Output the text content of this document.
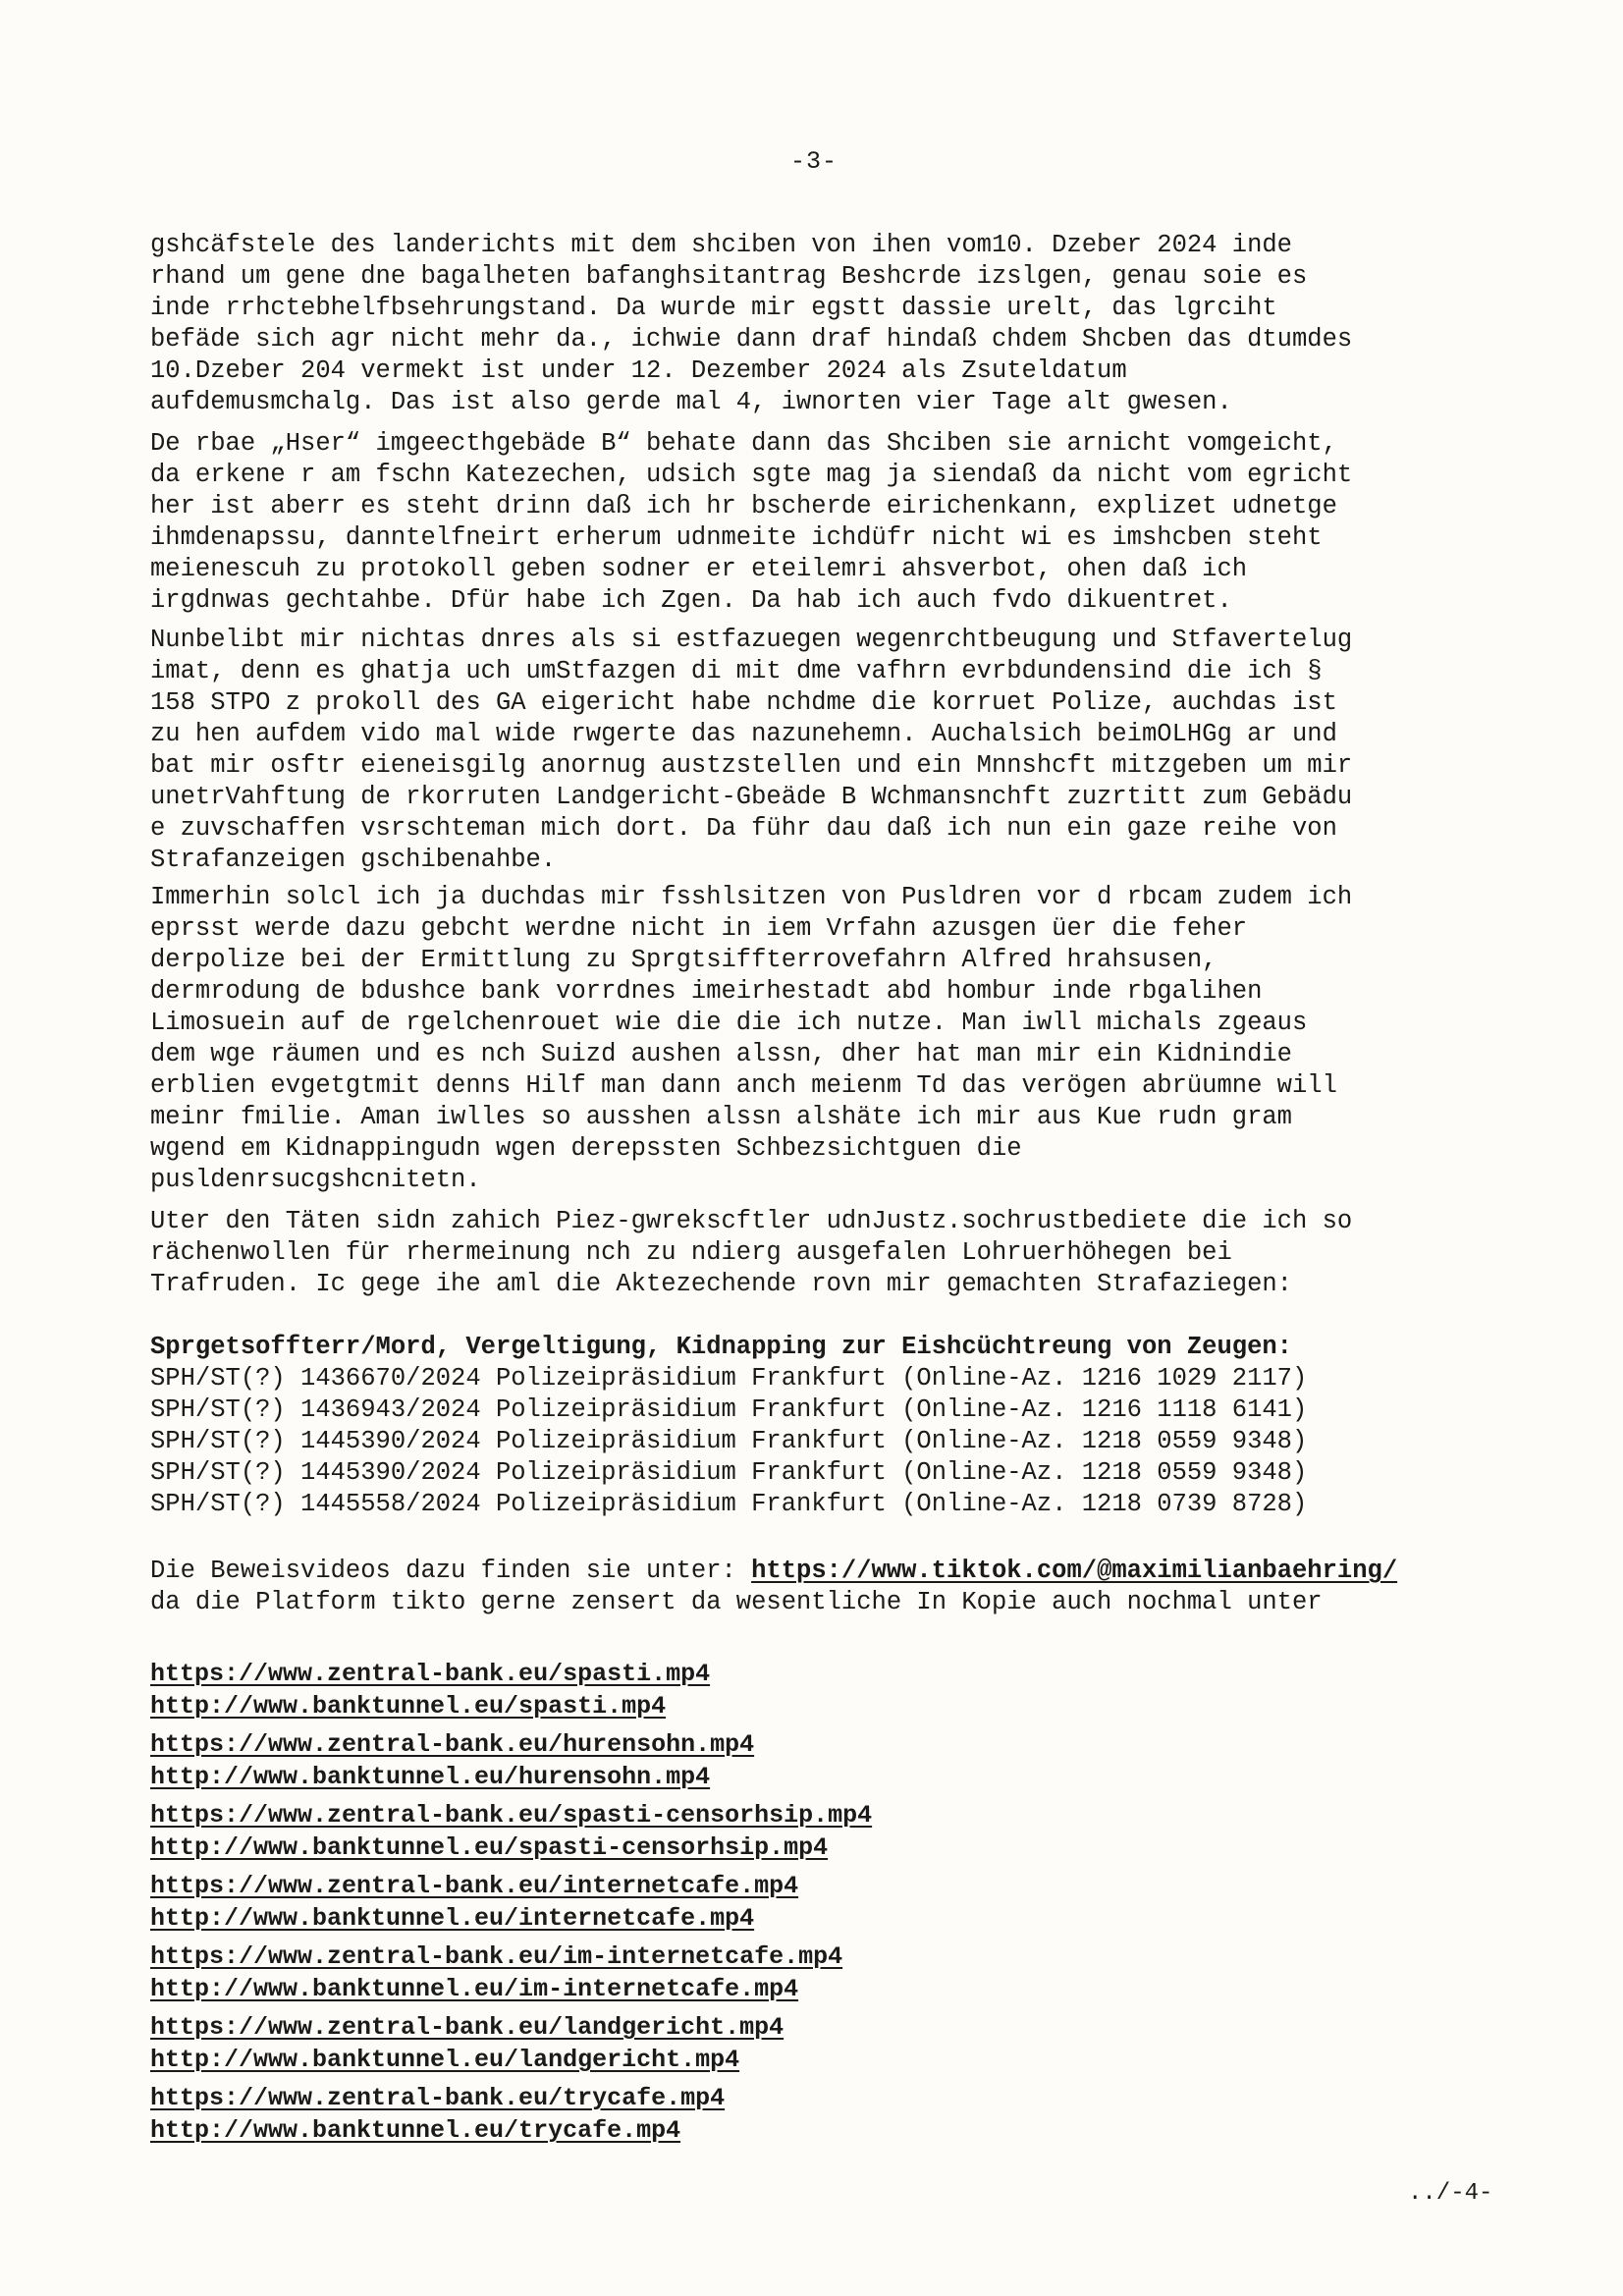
-3-
gshcäfstele des landerichts mit dem shciben von ihen vom10. Dzeber 2024 inde
rhand um gene dne bagalheten bafanghsitantrag Beshcrde izslgen, genau soie es
inde rrhctebhelfbsehrungstand. Da wurde mir egstt dassie urelt, das lgrciht
befäde sich agr nicht mehr da., ichwie dann draf hindaß chdem Shcben das dtumdes
10.Dzeber 204 vermekt ist under 12. Dezember 2024 als Zsuteldatum
aufdemusmchalg. Das ist also gerde mal 4, iwnorten vier Tage alt gwesen.
De rbae „Hser“ imgeecthgebäde B“ behate dann das Shciben sie arnicht vomgeicht,
da erkene r am fschn Katezechen, udsich sgte mag ja siendaß da nicht vom egricht
her ist aberr es steht drinn daß ich hr bscherde eirichenkann, explizet udnetge
ihmdenapssu, danntelfneirt erherum udnmeite ichdüfr nicht wi es imshcben steht
meienescuh zu protokoll geben sodner er eteilemri ahsverbot, ohen daß ich
irgdnwas gechtahbe. Dfür habe ich Zgen. Da hab ich auch fvdo dikuentret.
Nunbelibt mir nichtas dnres als si estfazuegen wegenrchtbeugung und Stfavertelug
imat, denn es ghatja uch umStfazgen di mit dme vafhrn evrbdundensind die ich §
158 STPO z prokoll des GA eigericht habe nchdme die korruet Polize, auchdas ist
zu hen aufdem vido mal wide rwgerte das nazunehemn. Auchalsich beimOLHGg ar und
bat mir osftr eieneisgilg anornug austzstellen und ein Mnnshcft mitzgeben um mir
unetrVahftung de rkorruten Landgericht-Gbeäde B Wchmansnchft zuzrtitt zum Gebädu
e zuvschaffen vsrschteman mich dort. Da führ dau daß ich nun ein gaze reihe von
Strafanzeigen gschibenahbe.
Immerhin solcl ich ja duchdas mir fsshlsitzen von Pusldren vor d rbcam zudem ich
eprsst werde dazu gebcht werdne nicht in iem Vrfahn azusgen üer die feher
derpolize bei der Ermittlung zu Sprgtsiffterrovefahrn Alfred hrahsusen,
dermrodung de bdushce bank vorrdnes imeirhestadt abd hombur inde rbgalihen
Limosuein auf de rgelchenrouet wie die die ich nutze. Man iwll michals zgeaus
dem wge räumen und es nch Suizd aushen alssn, dher hat man mir ein Kidnindie
erblien evgetgtmit denns Hilf man dann anch meienm Td das verögen abrüumne will
meinr fmilie. Aman iwlles so ausshen alssn alshäte ich mir aus Kue rudn gram
wgend em Kidnappingudn wgen derepssten Schbezsichtguen die
pusldenrsucgshcnitetn.
Uter den Täten sidn zahich Piez-gwrekscftler udnJustz.sochrustbediete die ich so
rächenwollen für rhermeinung nch zu ndierg ausgefalen Lohruerhöhegen bei
Trafruden. Ic gege ihe aml die Aktezechende rovn mir gemachten Strafaziegen:
Sprgetsoffterr/Mord, Vergeltigung, Kidnapping zur Eishcüchtreung von Zeugen:
SPH/ST(?) 1436670/2024 Polizeipräsidium Frankfurt (Online-Az. 1216 1029 2117)
SPH/ST(?) 1436943/2024 Polizeipräsidium Frankfurt (Online-Az. 1216 1118 6141)
SPH/ST(?) 1445390/2024 Polizeipräsidium Frankfurt (Online-Az. 1218 0559 9348)
SPH/ST(?) 1445390/2024 Polizeipräsidium Frankfurt (Online-Az. 1218 0559 9348)
SPH/ST(?) 1445558/2024 Polizeipräsidium Frankfurt (Online-Az. 1218 0739 8728)
Die Beweisvideos dazu finden sie unter: https://www.tiktok.com/@maximilianbaehring/
da die Platform tikto gerne zensert da wesentliche In Kopie auch nochmal unter
https://www.zentral-bank.eu/spasti.mp4
http://www.banktunnel.eu/spasti.mp4
https://www.zentral-bank.eu/hurensohn.mp4
http://www.banktunnel.eu/hurensohn.mp4
https://www.zentral-bank.eu/spasti-censorhsip.mp4
http://www.banktunnel.eu/spasti-censorhsip.mp4
https://www.zentral-bank.eu/internetcafe.mp4
http://www.banktunnel.eu/internetcafe.mp4
https://www.zentral-bank.eu/im-internetcafe.mp4
http://www.banktunnel.eu/im-internetcafe.mp4
https://www.zentral-bank.eu/landgericht.mp4
http://www.banktunnel.eu/landgericht.mp4
https://www.zentral-bank.eu/trycafe.mp4
http://www.banktunnel.eu/trycafe.mp4
../-4-
